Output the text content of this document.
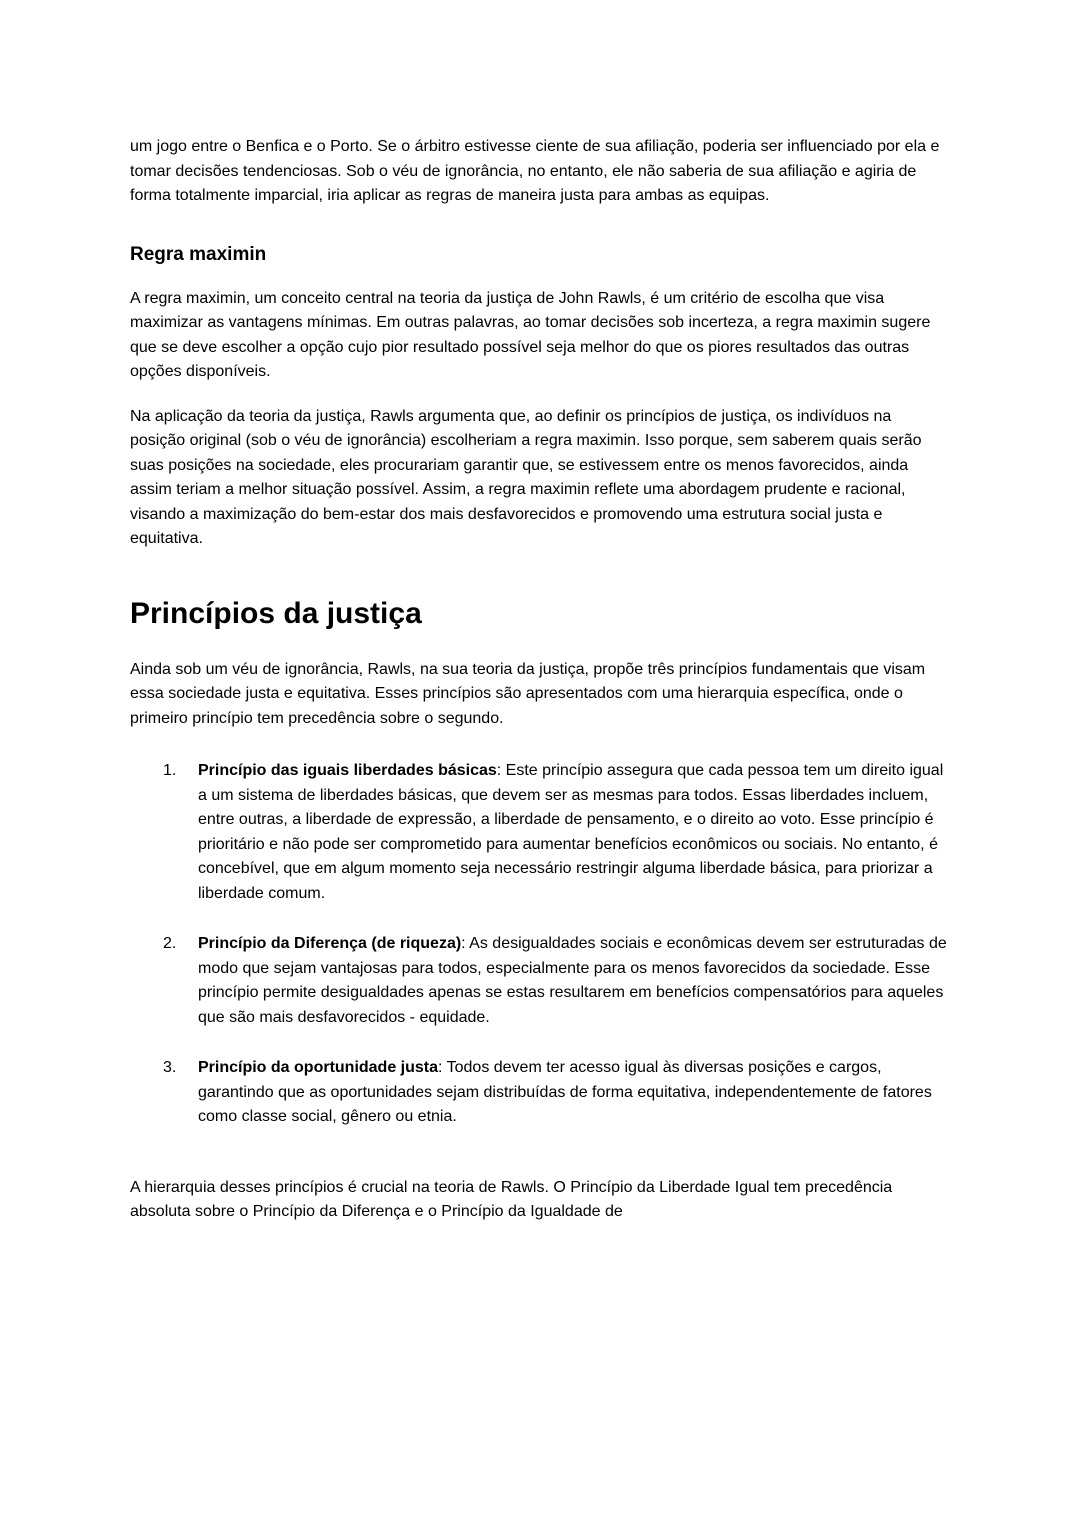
um jogo entre o Benfica e o Porto. Se o árbitro estivesse ciente de sua afiliação, poderia ser influenciado por ela e tomar decisões tendenciosas. Sob o véu de ignorância, no entanto, ele não saberia de sua afiliação e agiria de forma totalmente imparcial, iria aplicar as regras de maneira justa para ambas as equipas.

Regra maximin

A regra maximin, um conceito central na teoria da justiça de John Rawls, é um critério de escolha que visa maximizar as vantagens mínimas. Em outras palavras, ao tomar decisões sob incerteza, a regra maximin sugere que se deve escolher a opção cujo pior resultado possível seja melhor do que os piores resultados das outras opções disponíveis.

Na aplicação da teoria da justiça, Rawls argumenta que, ao definir os princípios de justiça, os indivíduos na posição original (sob o véu de ignorância) escolheriam a regra maximin. Isso porque, sem saberem quais serão suas posições na sociedade, eles procurariam garantir que, se estivessem entre os menos favorecidos, ainda assim teriam a melhor situação possível. Assim, a regra maximin reflete uma abordagem prudente e racional, visando a maximização do bem-estar dos mais desfavorecidos e promovendo uma estrutura social justa e equitativa.

Princípios da justiça

Ainda sob um véu de ignorância, Rawls, na sua teoria da justiça, propõe três princípios fundamentais que visam essa sociedade justa e equitativa. Esses princípios são apresentados com uma hierarquia específica, onde o primeiro princípio tem precedência sobre o segundo.

1.	Princípio das iguais liberdades básicas: Este princípio assegura que cada pessoa tem um direito igual a um sistema de liberdades básicas, que devem ser as mesmas para todos. Essas liberdades incluem, entre outras, a liberdade de expressão, a liberdade de pensamento, e o direito ao voto. Esse princípio é prioritário e não pode ser comprometido para aumentar benefícios econômicos ou sociais. No entanto, é concebível, que em algum momento seja necessário restringir alguma liberdade básica, para priorizar a liberdade comum.
2.	Princípio da Diferença (de riqueza): As desigualdades sociais e econômicas devem ser estruturadas de modo que sejam vantajosas para todos, especialmente para os menos favorecidos da sociedade. Esse princípio permite desigualdades apenas se estas resultarem em benefícios compensatórios para aqueles que são mais desfavorecidos - equidade.
3.	Princípio da oportunidade justa: Todos devem ter acesso igual às diversas posições e cargos, garantindo que as oportunidades sejam distribuídas de forma equitativa, independentemente de fatores como classe social, gênero ou etnia.

A hierarquia desses princípios é crucial na teoria de Rawls. O Princípio da Liberdade Igual tem precedência absoluta sobre o Princípio da Diferença e o Princípio da Igualdade de
